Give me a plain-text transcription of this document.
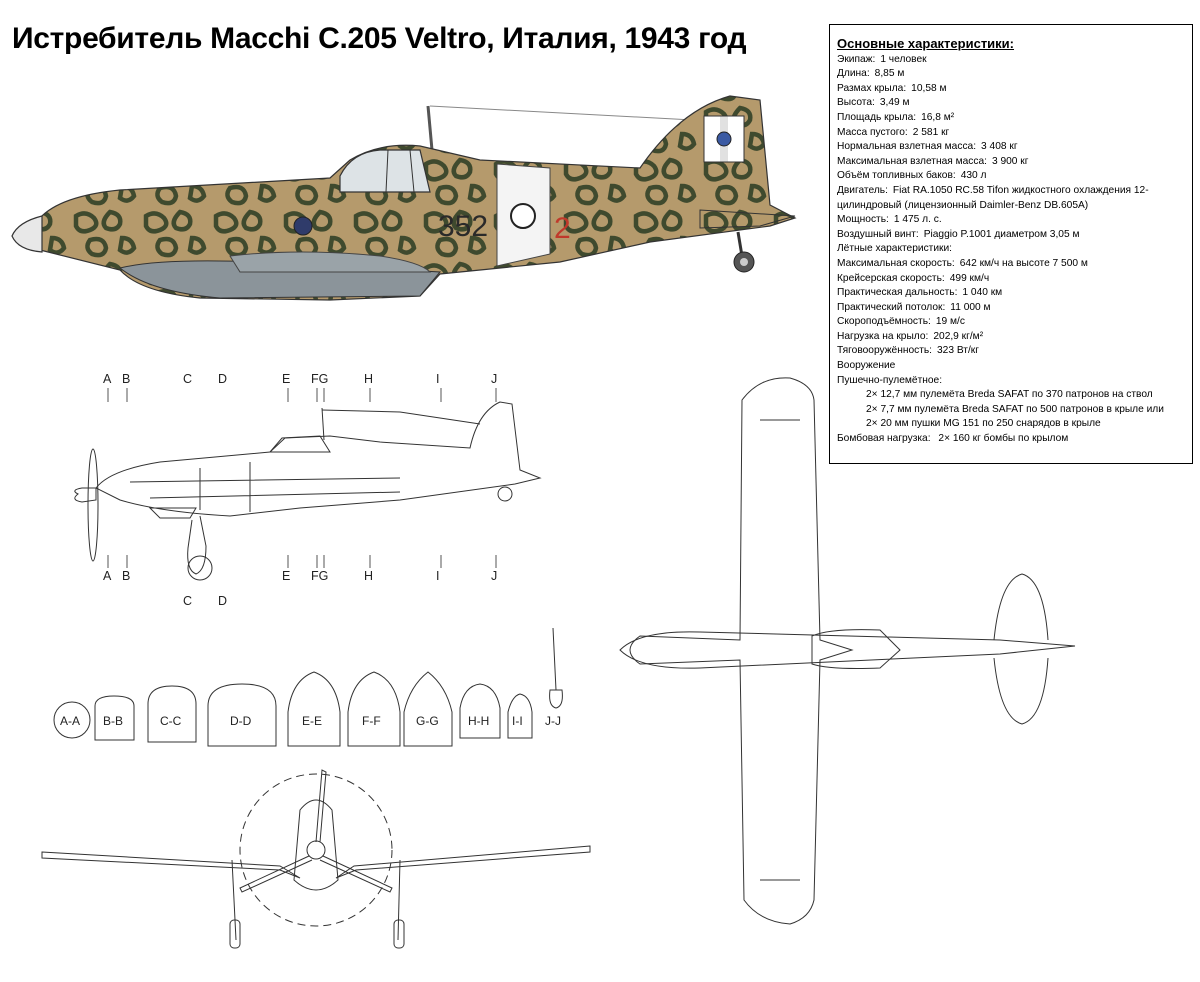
Истребитель Macchi C.205 Veltro, Италия, 1943 год	Основные характеристики:
Экипаж: 1 человек
Длина: 8,85 м
Размах крыла: 10,58 м
Высота: 3,49 м
Площадь крыла: 16,8 м²
Масса пустого: 2 581 кг
Нормальная взлетная масса: 3 408 кг
Максимальная взлетная масса: 3 900 кг
Объём топливных баков: 430 л
Двигатель: Fiat RA.1050 RC.58 Tifon жидкостного охлаждения 12-цилиндровый (лицензионный Daimler-Benz DB.605A)
Мощность: 1 475 л. с.
Воздушный винт: Piaggio P.1001 диаметром 3,05 м
Лётные характеристики:
Максимальная скорость: 642 км/ч на высоте 7 500 м
Крейсерская скорость: 499 км/ч
Практическая дальность: 1 040 км
Практический потолок: 11 000 м
Скороподъёмность: 19 м/с
Нагрузка на крыло: 202,9 кг/м²
Тяговооружённость: 323 Вт/кг
Вооружение
Пушечно-пулемётное:
2× 12,7 мм пулемёта Breda SAFAT по 370 патронов на ствол
2× 7,7 мм пулемёта Breda SAFAT по 500 патронов в крыле или
2× 20 мм пушки MG 151 по 250 снарядов в крыле
Бомбовая нагрузка: 2× 160 кг бомбы по крылом
352 2
A B	C D	E FG	H	I	J
A B	E FG	H	I	J
C D
A-A B-B	C-C	D-D	E-E	F-F	G-G H-H I-I J-J
